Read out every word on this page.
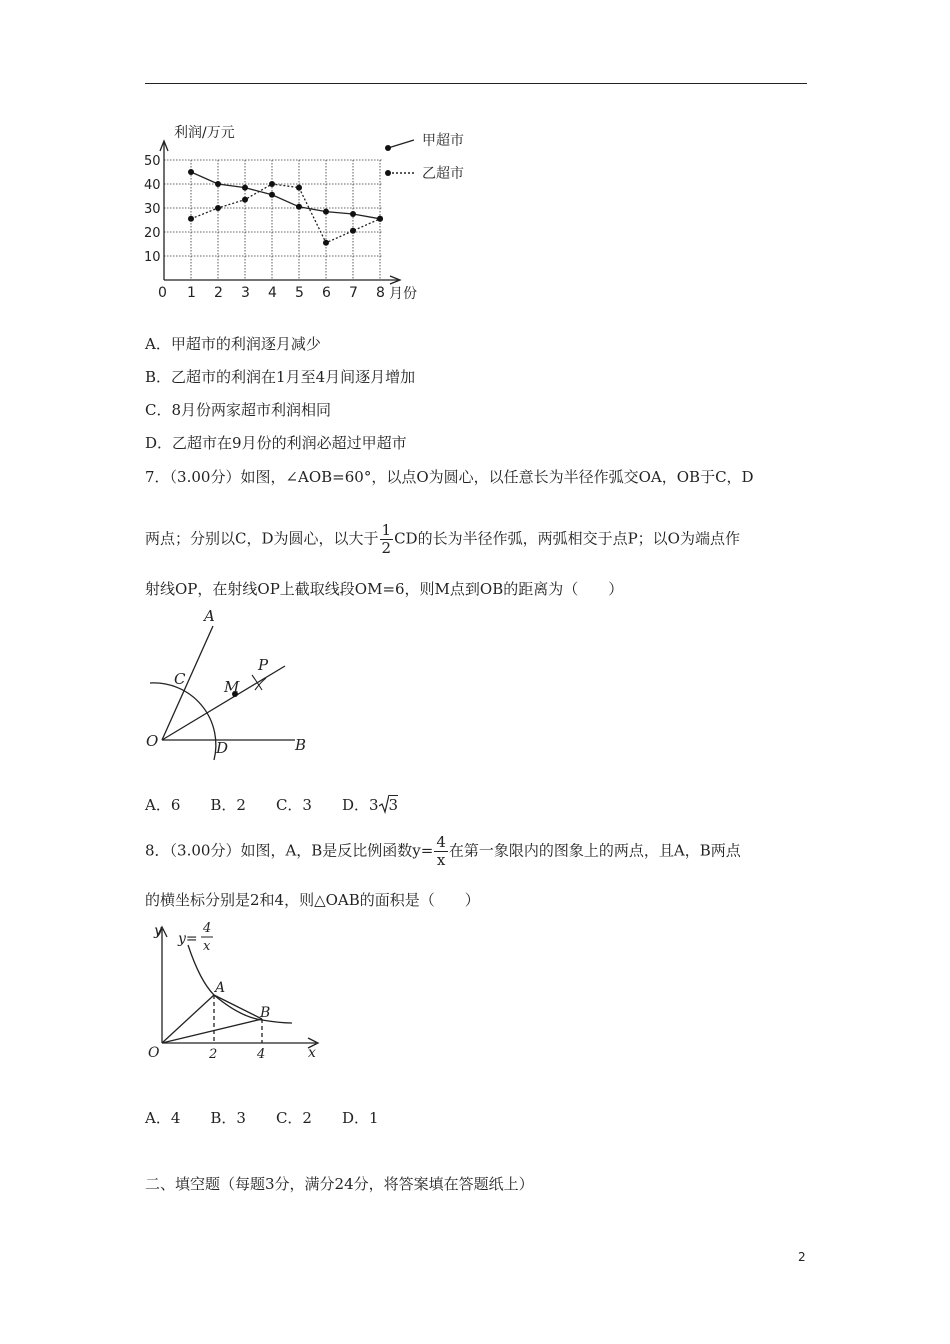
利润/万元
10
20
30
40
50
1 2 3 4 5 6 7 8
0	月份
甲超市
乙超市
A．甲超市的利润逐月减少
B．乙超市的利润在1月至4月间逐月增加
C．8月份两家超市利润相同
D．乙超市在9月份的利润必超过甲超市
7．（3.00分）如图，∠AOB=60°，以点O为圆心，以任意长为半径作弧交OA，OB于C，D
两点；分别以C，D为圆心，以大于 $\frac{1}{2}$ CD的长为半径作弧，两弧相交于点P；以O为端点作
射线OP，在射线OP上截取线段OM=6，则M点到OB的距离为（　　）
A
C	M
P
O	D	B
A．6　　B．2　　C．3　　D．3 3
8．（3.00分）如图，A，B是反比例函数$y= \frac{4}{x}$ 在第一象限内的图象上的两点，且A，B两点
的横坐标分别是2和4，则△OAB的面积是（　　）
y y=
4
x
A
B
O	2	4	x
A．4　　B．3　　C．2　　D．1
二、填空题（每题3分，满分24分，将答案填在答题纸上）
2
